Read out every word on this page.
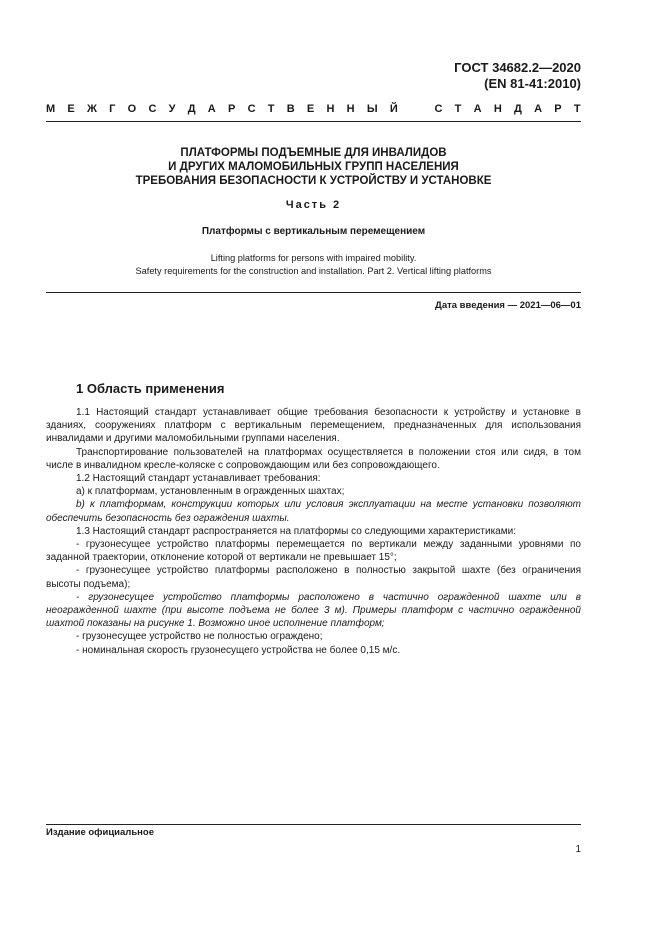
ГОСТ 34682.2—2020
(EN 81-41:2010)
М Е Ж Г О С У Д А Р С Т В Е Н Н Ы Й	С Т А Н Д А Р Т
ПЛАТФОРМЫ ПОДЪЕМНЫЕ ДЛЯ ИНВАЛИДОВ
И ДРУГИХ МАЛОМОБИЛЬНЫХ ГРУПП НАСЕЛЕНИЯ
ТРЕБОВАНИЯ БЕЗОПАСНОСТИ К УСТРОЙСТВУ И УСТАНОВКЕ
Часть 2
Платформы с вертикальным перемещением
Lifting platforms for persons with impaired mobility.
Safety requirements for the construction and installation. Part 2. Vertical lifting platforms
Дата введения — 2021—06—01
1 Область применения

1.1 Настоящий стандарт устанавливает общие требования безопасности к устройству и установке в зданиях, сооружениях платформ с вертикальным перемещением, предназначенных для использования инвалидами и другими маломобильными группами населения.

Транспортирование пользователей на платформах осуществляется в положении стоя или сидя, в том числе в инвалидном кресле-коляске с сопровождающим или без сопровождающего.

1.2 Настоящий стандарт устанавливает требования:

а) к платформам, установленным в огражденных шахтах;

b) к платформам, конструкции которых или условия эксплуатации на месте установки позволяют обеспечить безопасность без ограждения шахты.

1.3 Настоящий стандарт распространяется на платформы со следующими характеристиками:

- грузонесущее устройство платформы перемещается по вертикали между заданными уровнями по заданной траектории, отклонение которой от вертикали не превышает 15°;

- грузонесущее устройство платформы расположено в полностью закрытой шахте (без ограничения высоты подъема);

- грузонесущее устройство платформы расположено в частично огражденной шахте или в неогражденной шахте (при высоте подъема не более 3 м). Примеры платформ с частично огражденной шахтой показаны на рисунке 1. Возможно иное исполнение платформ;

- грузонесущее устройство не полностью ограждено;

- номинальная скорость грузонесущего устройства не более 0,15 м/с.

Издание официальное
1
